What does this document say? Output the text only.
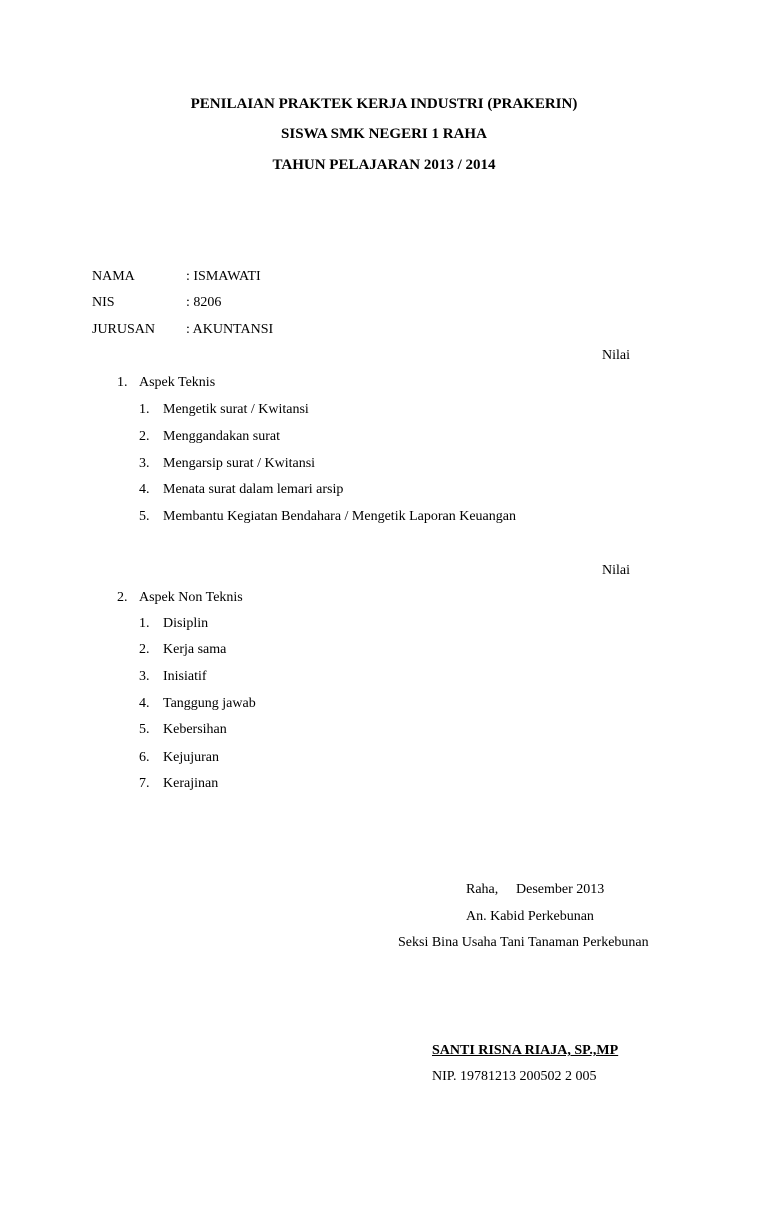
PENILAIAN PRAKTEK KERJA INDUSTRI (PRAKERIN)
SISWA SMK NEGERI 1 RAHA
TAHUN PELAJARAN 2013 / 2014
NAMA	: ISMAWATI
NIS	: 8206
JURUSAN : AKUNTANSI
Nilai
1. Aspek Teknis
1. Mengetik surat / Kwitansi
2. Menggandakan surat
3. Mengarsip surat / Kwitansi
4. Menata surat dalam lemari arsip
5. Membantu Kegiatan Bendahara / Mengetik Laporan Keuangan
Nilai
2. Aspek Non Teknis
1. Disiplin
2. Kerja sama
3. Inisiatif
4. Tanggung jawab
5. Kebersihan
6. Kejujuran
7. Kerajinan
Raha, Desember 2013
An. Kabid Perkebunan
Seksi Bina Usaha Tani Tanaman Perkebunan
SANTI RISNA RIAJA, SP.,MP
NIP. 19781213 200502 2 005
